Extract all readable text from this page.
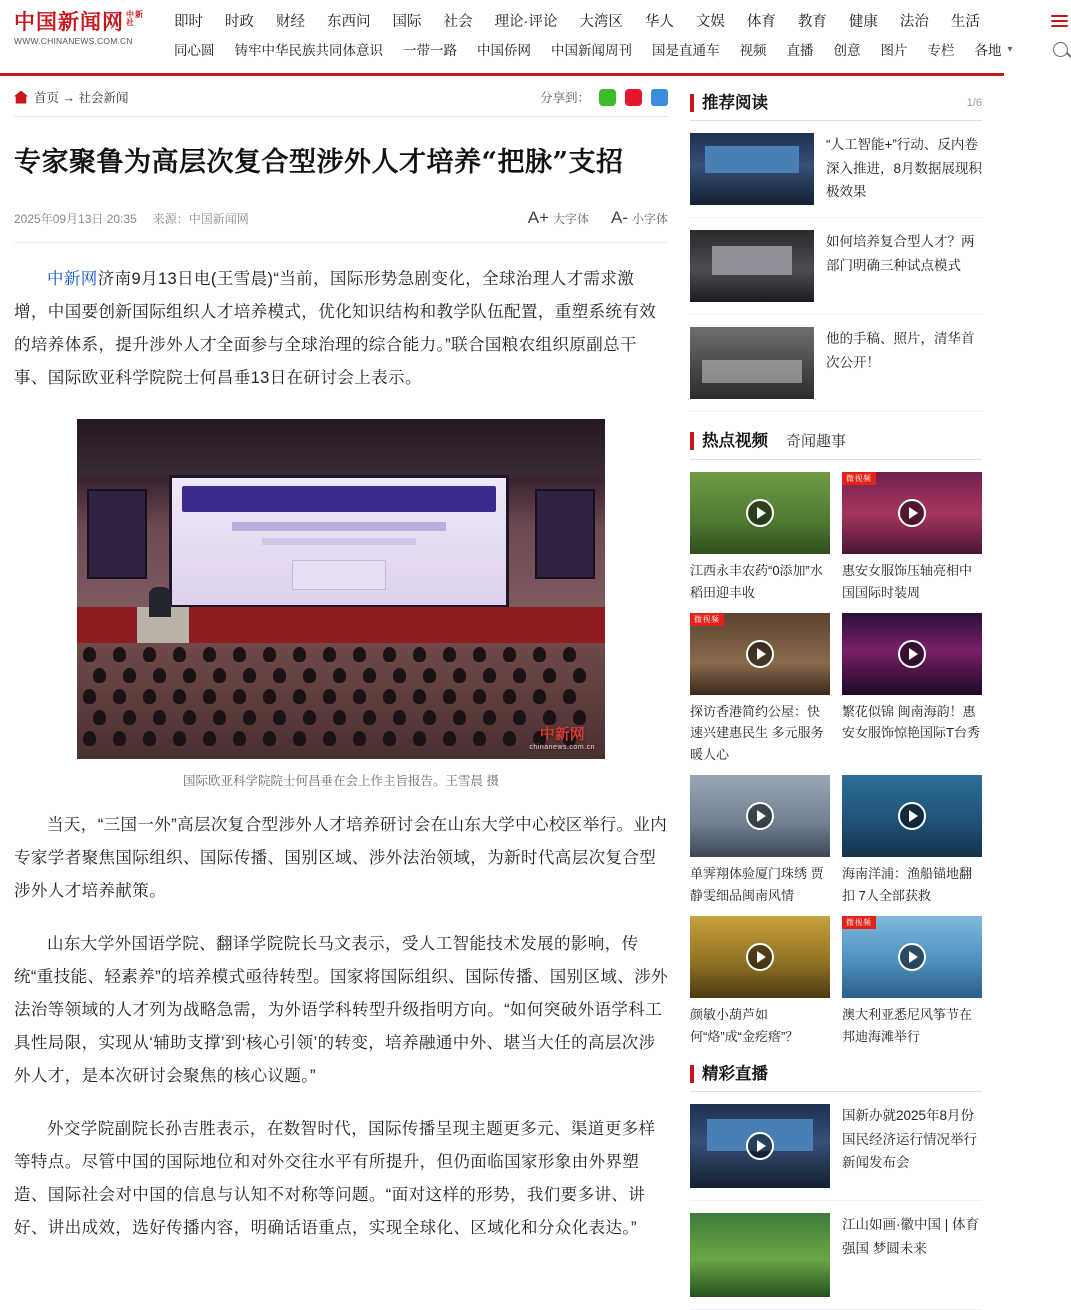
中国新闻网 中新
社
WWW.CHINANEWS.COM.CN
即时 时政 财经 东西问 国际 社会 理论·评论 大湾区 华人 文娱 体育 教育 健康 法治 生活
同心圆 铸牢中华民族共同体意识 一带一路 中国侨网 中国新闻周刊 国是直通车 视频 直播 创意 图片 专栏 各地 ▾
首页 → 社会新闻	分享到：
专家聚鲁为高层次复合型涉外人才培养“把脉”支招
2025年09月13日 20:35 来源：中国新闻网	A+ 大字体 A- 小字体

中新网济南9月13日电(王雪晨)“当前，国际形势急剧变化，全球治理人才需求激增，中国要创新国际组织人才培养模式，优化知识结构和教学队伍配置，重塑系统有效的培养体系，提升涉外人才全面参与全球治理的综合能力。”联合国粮农组织原副总干事、国际欧亚科学院院士何昌垂13日在研讨会上表示。

中新网
chinanews.com.cn
国际欧亚科学院院士何昌垂在会上作主旨报告。王雪晨 摄

当天，“三国一外”高层次复合型涉外人才培养研讨会在山东大学中心校区举行。业内专家学者聚焦国际组织、国际传播、国别区域、涉外法治领域，为新时代高层次复合型涉外人才培养献策。

山东大学外国语学院、翻译学院院长马文表示，受人工智能技术发展的影响，传统“重技能、轻素养”的培养模式亟待转型。国家将国际组织、国际传播、国别区域、涉外法治等领域的人才列为战略急需，为外语学科转型升级指明方向。“如何突破外语学科工具性局限，实现从‘辅助支撑’到‘核心引领’的转变，培养融通中外、堪当大任的高层次涉外人才，是本次研讨会聚焦的核心议题。”

外交学院副院长孙吉胜表示，在数智时代，国际传播呈现主题更多元、渠道更多样等特点。尽管中国的国际地位和对外交往水平有所提升，但仍面临国家形象由外界塑造、国际社会对中国的信息与认知不对称等问题。“面对这样的形势，我们要多讲、讲好、讲出成效，选好传播内容，明确话语重点，实现全球化、区域化和分众化表达。”

推荐阅读	1/6
“人工智能+”行动、反内卷深入推进，8月数据展现积极效果
如何培养复合型人才？两部门明确三种试点模式
他的手稿、照片，清华首次公开！
热点视频 奇闻趣事
江西永丰农药“0添加”水稻田迎丰收
微视频
惠安女服饰压轴亮相中国国际时装周
微视频
探访香港简约公屋：快速兴建惠民生 多元服务暖人心
繁花似锦 闽南海韵！惠安女服饰惊艳国际T台秀
单霁翔体验厦门珠绣 贾静雯细品闽南风情
海南洋浦：渔船锚地翻扣 7人全部获救
颜敏小葫芦如何“烙”成“金疙瘩”？
微视频
澳大利亚悉尼风筝节在邦迪海滩举行
精彩直播
国新办就2025年8月份国民经济运行情况举行新闻发布会
江山如画·徽中国 | 体育强国 梦圆未来
